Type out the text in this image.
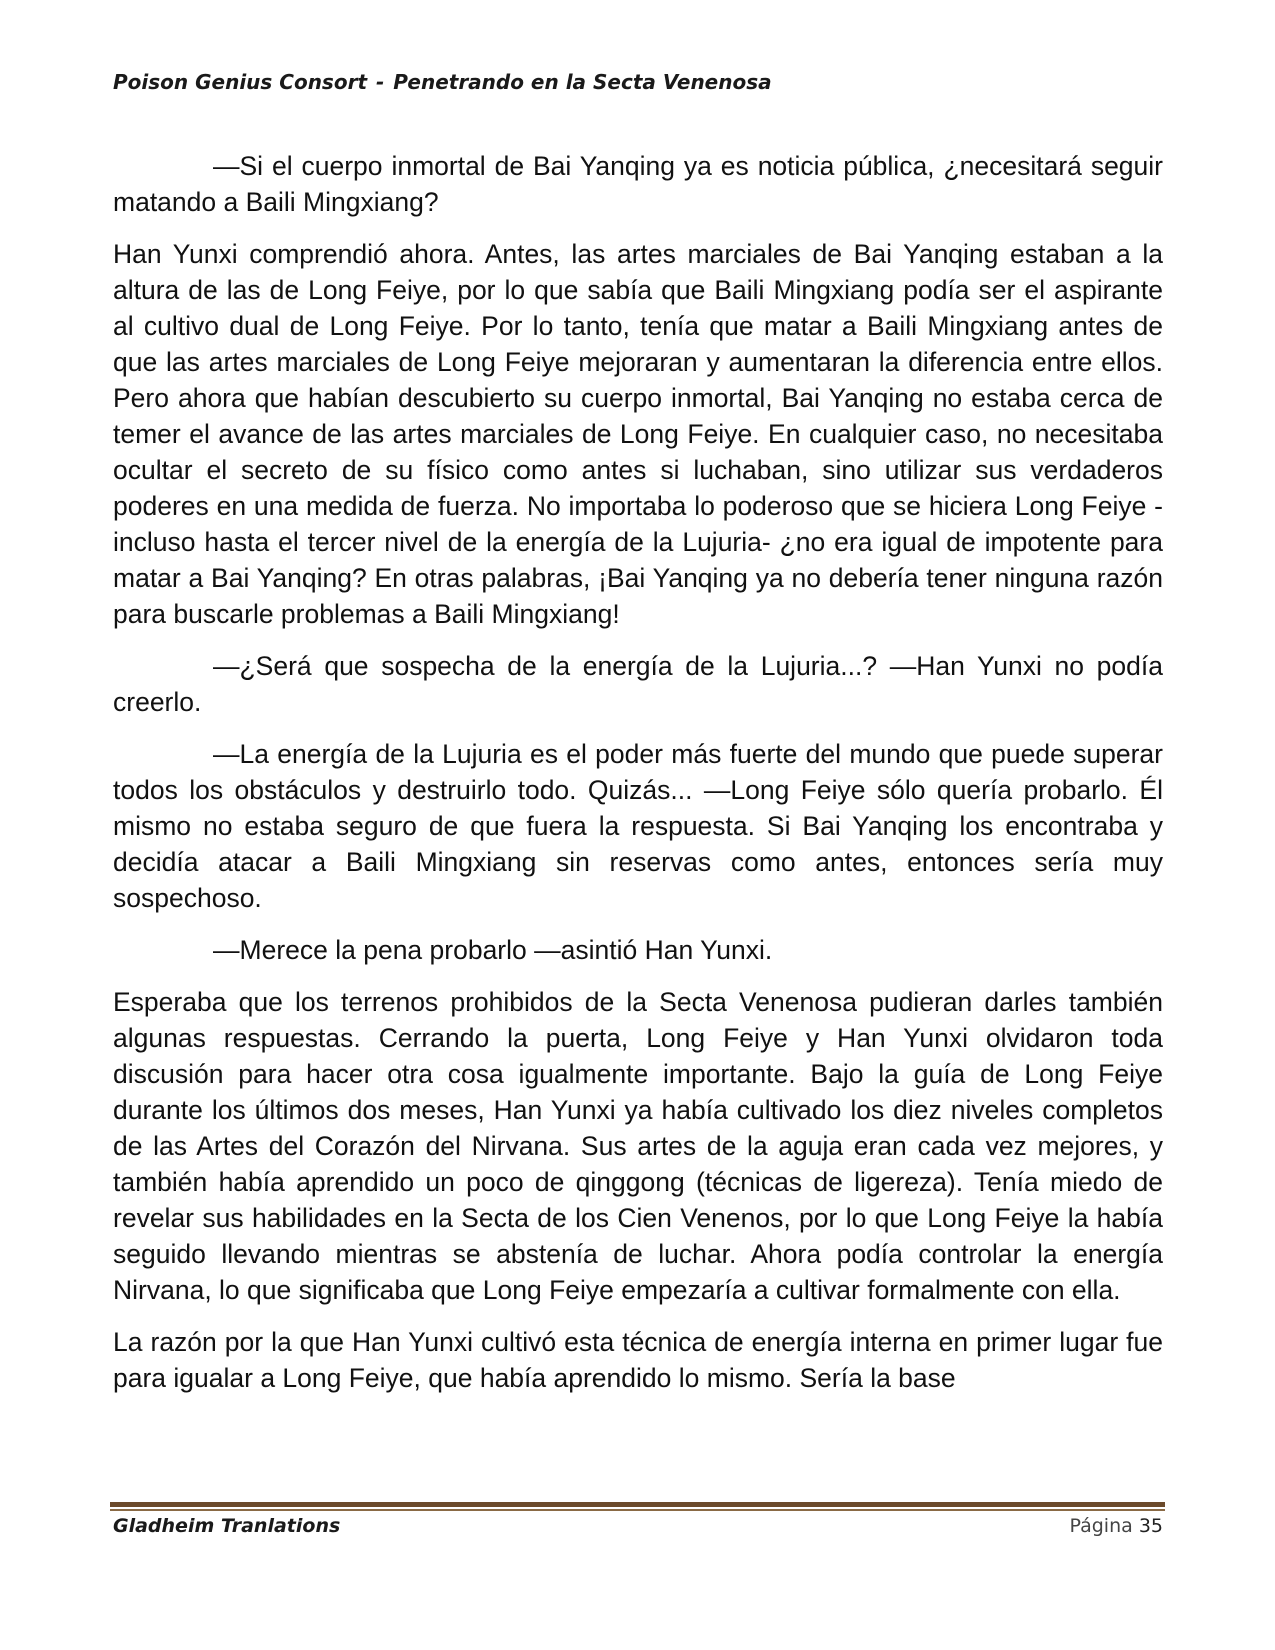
Poison Genius Consort - Penetrando en la Secta Venenosa

—Si el cuerpo inmortal de Bai Yanqing ya es noticia pública, ¿necesitará seguir matando a Baili Mingxiang?

Han Yunxi comprendió ahora. Antes, las artes marciales de Bai Yanqing estaban a la altura de las de Long Feiye, por lo que sabía que Baili Mingxiang podía ser el aspirante al cultivo dual de Long Feiye. Por lo tanto, tenía que matar a Baili Mingxiang antes de que las artes marciales de Long Feiye mejoraran y aumentaran la diferencia entre ellos. Pero ahora que habían descubierto su cuerpo inmortal, Bai Yanqing no estaba cerca de temer el avance de las artes marciales de Long Feiye. En cualquier caso, no necesitaba ocultar el secreto de su físico como antes si luchaban, sino utilizar sus verdaderos poderes en una medida de fuerza. No importaba lo poderoso que se hiciera Long Feiye -incluso hasta el tercer nivel de la energía de la Lujuria- ¿no era igual de impotente para matar a Bai Yanqing? En otras palabras, ¡Bai Yanqing ya no debería tener ninguna razón para buscarle problemas a Baili Mingxiang!

—¿Será que sospecha de la energía de la Lujuria...? —Han Yunxi no podía creerlo.

—La energía de la Lujuria es el poder más fuerte del mundo que puede superar todos los obstáculos y destruirlo todo. Quizás... —Long Feiye sólo quería probarlo. Él mismo no estaba seguro de que fuera la respuesta. Si Bai Yanqing los encontraba y decidía atacar a Baili Mingxiang sin reservas como antes, entonces sería muy sospechoso.

—Merece la pena probarlo —asintió Han Yunxi.

Esperaba que los terrenos prohibidos de la Secta Venenosa pudieran darles también algunas respuestas. Cerrando la puerta, Long Feiye y Han Yunxi olvidaron toda discusión para hacer otra cosa igualmente importante. Bajo la guía de Long Feiye durante los últimos dos meses, Han Yunxi ya había cultivado los diez niveles completos de las Artes del Corazón del Nirvana. Sus artes de la aguja eran cada vez mejores, y también había aprendido un poco de qinggong (técnicas de ligereza). Tenía miedo de revelar sus habilidades en la Secta de los Cien Venenos, por lo que Long Feiye la había seguido llevando mientras se abstenía de luchar. Ahora podía controlar la energía Nirvana, lo que significaba que Long Feiye empezaría a cultivar formalmente con ella.

La razón por la que Han Yunxi cultivó esta técnica de energía interna en primer lugar fue para igualar a Long Feiye, que había aprendido lo mismo. Sería la base

Gladheim Tranlations	Página 35
